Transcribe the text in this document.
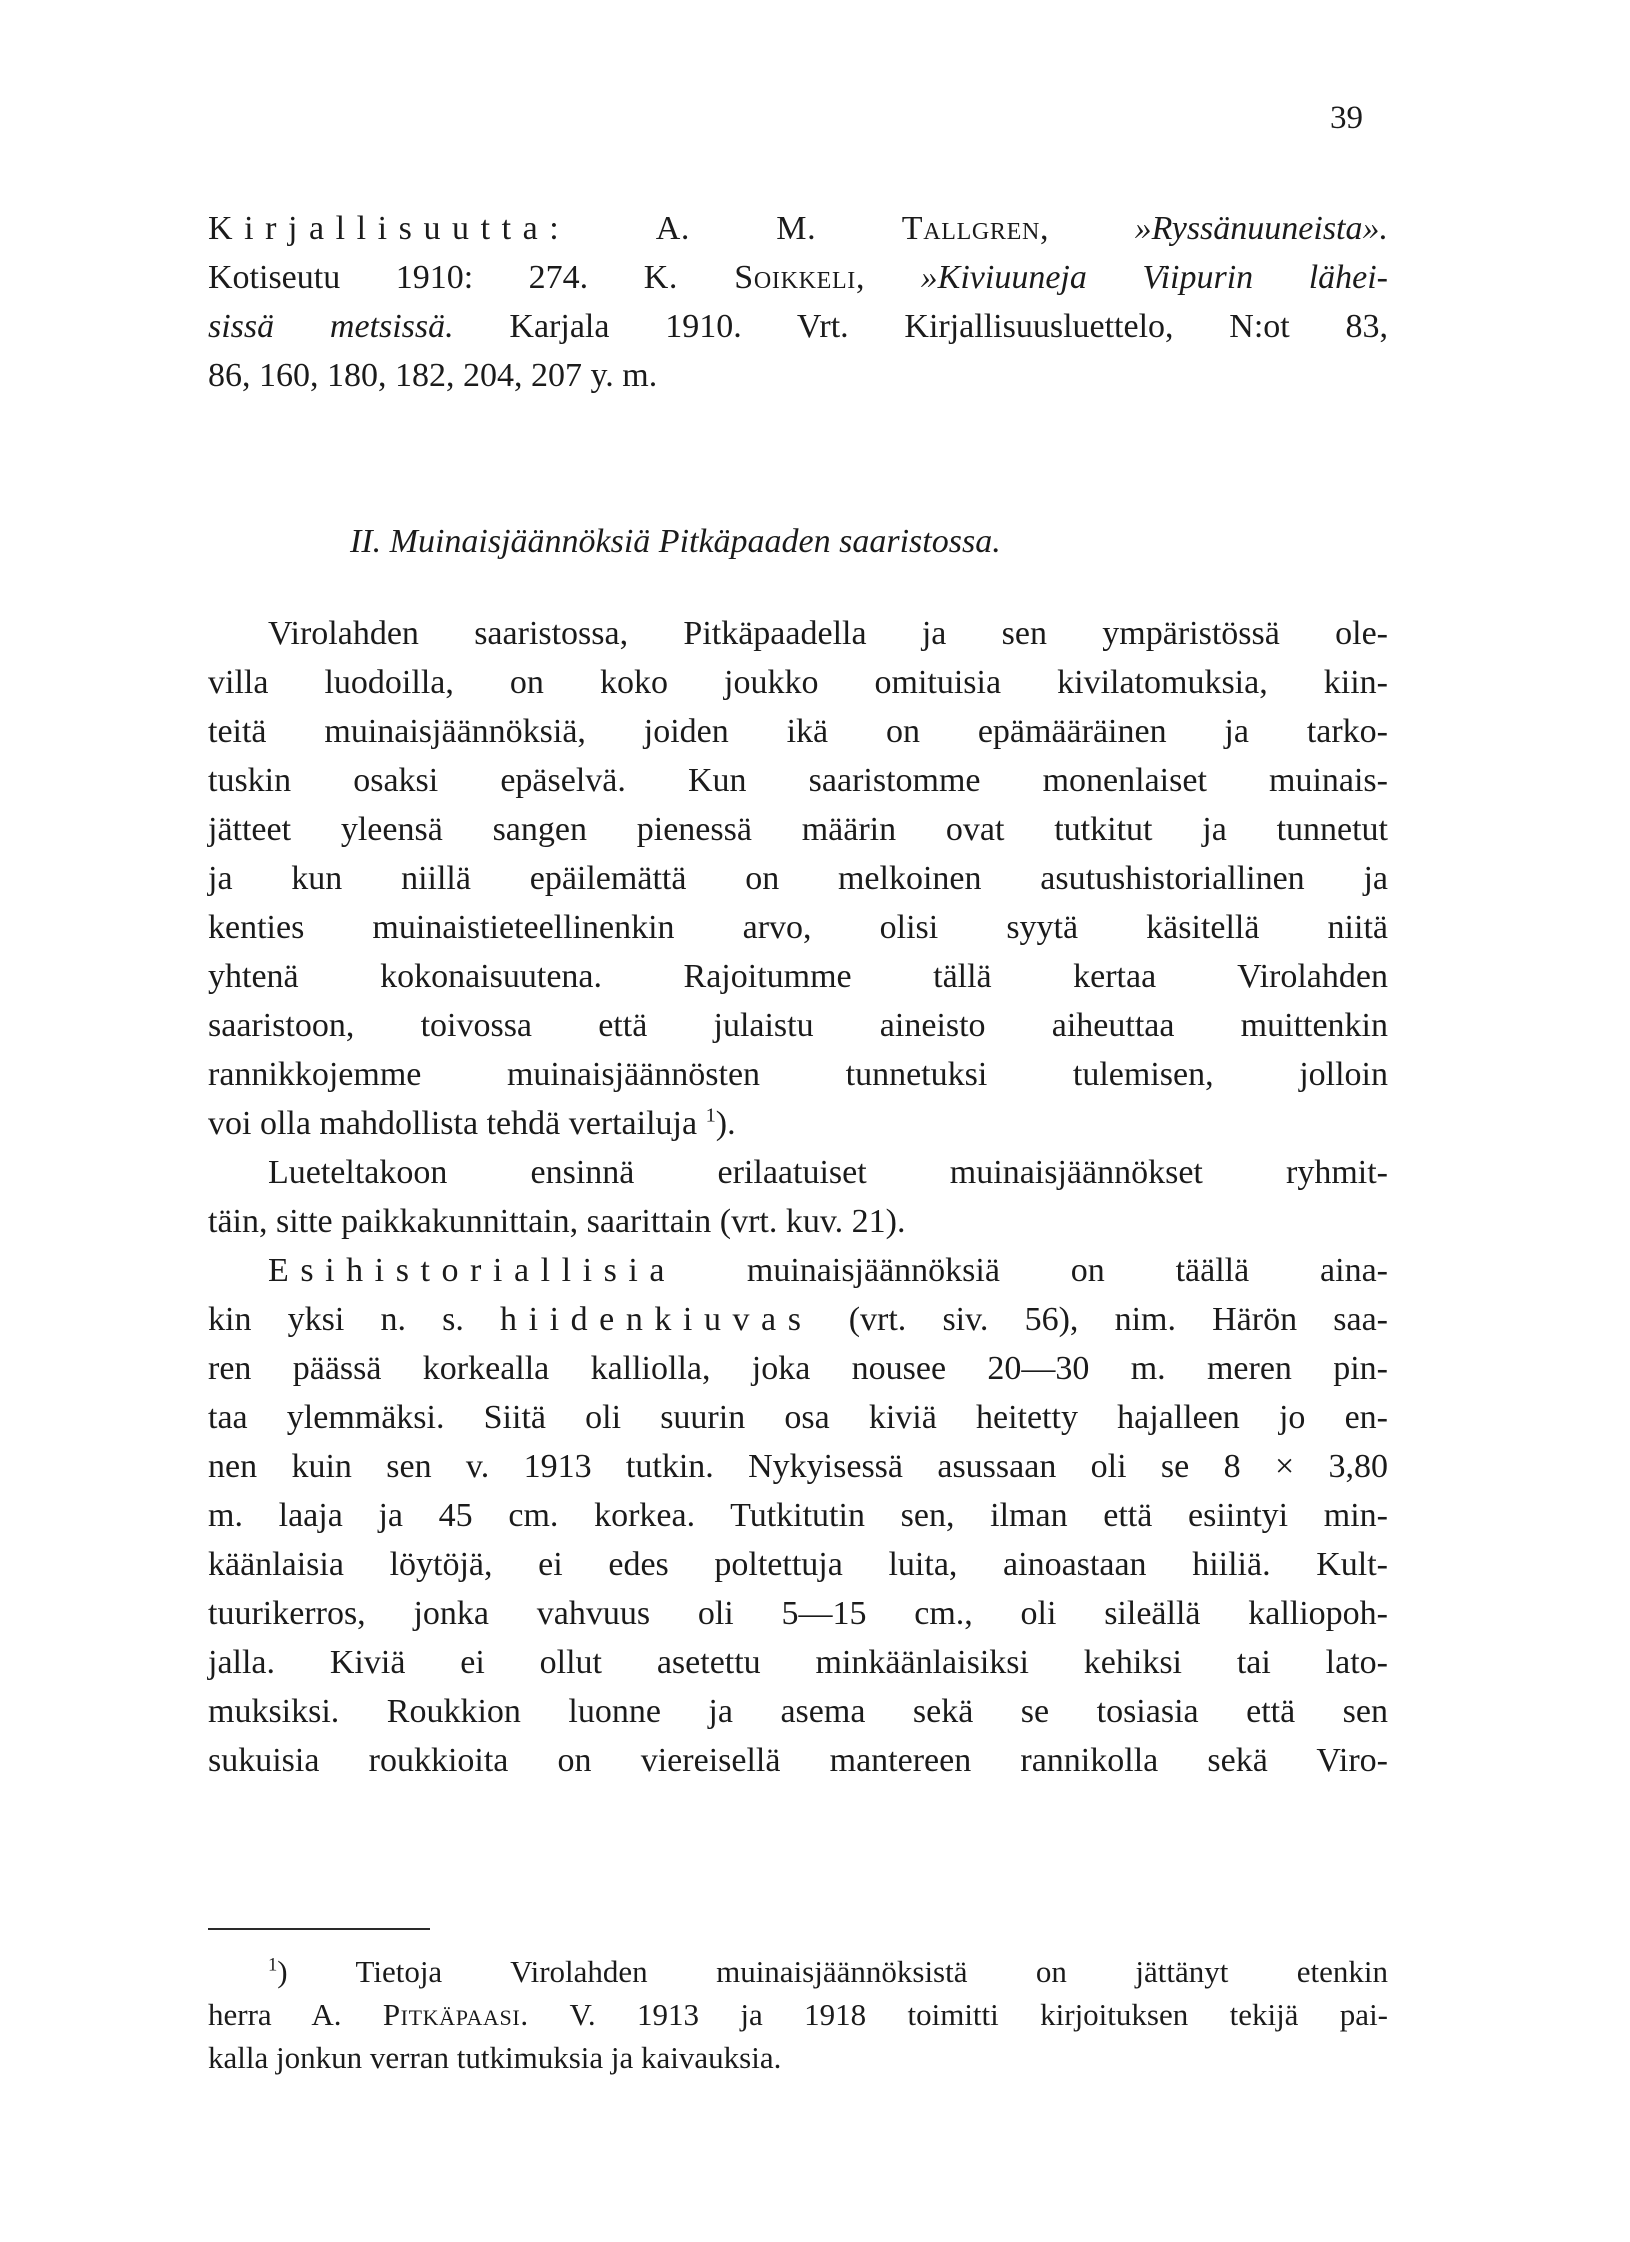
39
Kirjallisuutta:	A. M. Tallgren,	»Ryssänuuneista».
Kotiseutu 1910: 274. K. Soikkeli, »Kiviuuneja Viipurin lähei-
sissä metsissä. Karjala 1910. Vrt. Kirjallisuusluettelo, N:ot 83,
86, 160, 180, 182, 204, 207 y. m.
II. Muinaisjäännöksiä Pitkäpaaden saaristossa.
Virolahden saaristossa, Pitkäpaadella ja sen ympäristössä ole-
villa luodoilla, on koko joukko omituisia kivilatomuksia, kiin-
teitä muinaisjäännöksiä, joiden ikä on epämääräinen ja tarko-
tuskin osaksi epäselvä. Kun saaristomme monenlaiset muinais-
jätteet yleensä sangen pienessä määrin ovat tutkitut ja tunnetut
ja kun niillä epäilemättä on melkoinen asutushistoriallinen ja
kenties muinaistieteellinenkin arvo, olisi syytä käsitellä niitä
yhtenä kokonaisuutena. Rajoitumme tällä kertaa Virolahden
saaristoon, toivossa että julaistu aineisto aiheuttaa muittenkin
rannikkojemme muinaisjäännösten tunnetuksi tulemisen, jolloin
voi olla mahdollista tehdä vertailuja $^1$).
Lueteltakoon ensinnä erilaatuiset muinaisjäännökset ryhmit-
täin, sitte paikkakunnittain, saarittain (vrt. kuv. 21).
Esihistoriallisia muinaisjäännöksiä on täällä aina-
kin yksi n. s. hiidenkiuvas (vrt. siv. 56), nim. Härön saa-
ren päässä korkealla kalliolla, joka nousee 20—30 m. meren pin-
taa ylemmäksi. Siitä oli suurin osa kiviä heitetty hajalleen jo en-
nen kuin sen v. 1913 tutkin. Nykyisessä asussaan oli se 8 × 3,80
m. laaja ja 45 cm. korkea. Tutkitutin sen, ilman että esiintyi min-
käänlaisia löytöjä, ei edes poltettuja luita, ainoastaan hiiliä. Kult-
tuurikerros, jonka vahvuus oli 5—15 cm., oli sileällä kalliopoh-
jalla. Kiviä ei ollut asetettu minkäänlaisiksi kehiksi tai lato-
muksiksi. Roukkion luonne ja asema sekä se tosiasia että sen
sukuisia roukkioita on viereisellä mantereen rannikolla sekä Viro-
$^1$) Tietoja Virolahden muinaisjäännöksistä on jättänyt etenkin
herra A. Pitkäpaasi. V. 1913 ja 1918 toimitti kirjoituksen tekijä pai-
kalla jonkun verran tutkimuksia ja kaivauksia.
